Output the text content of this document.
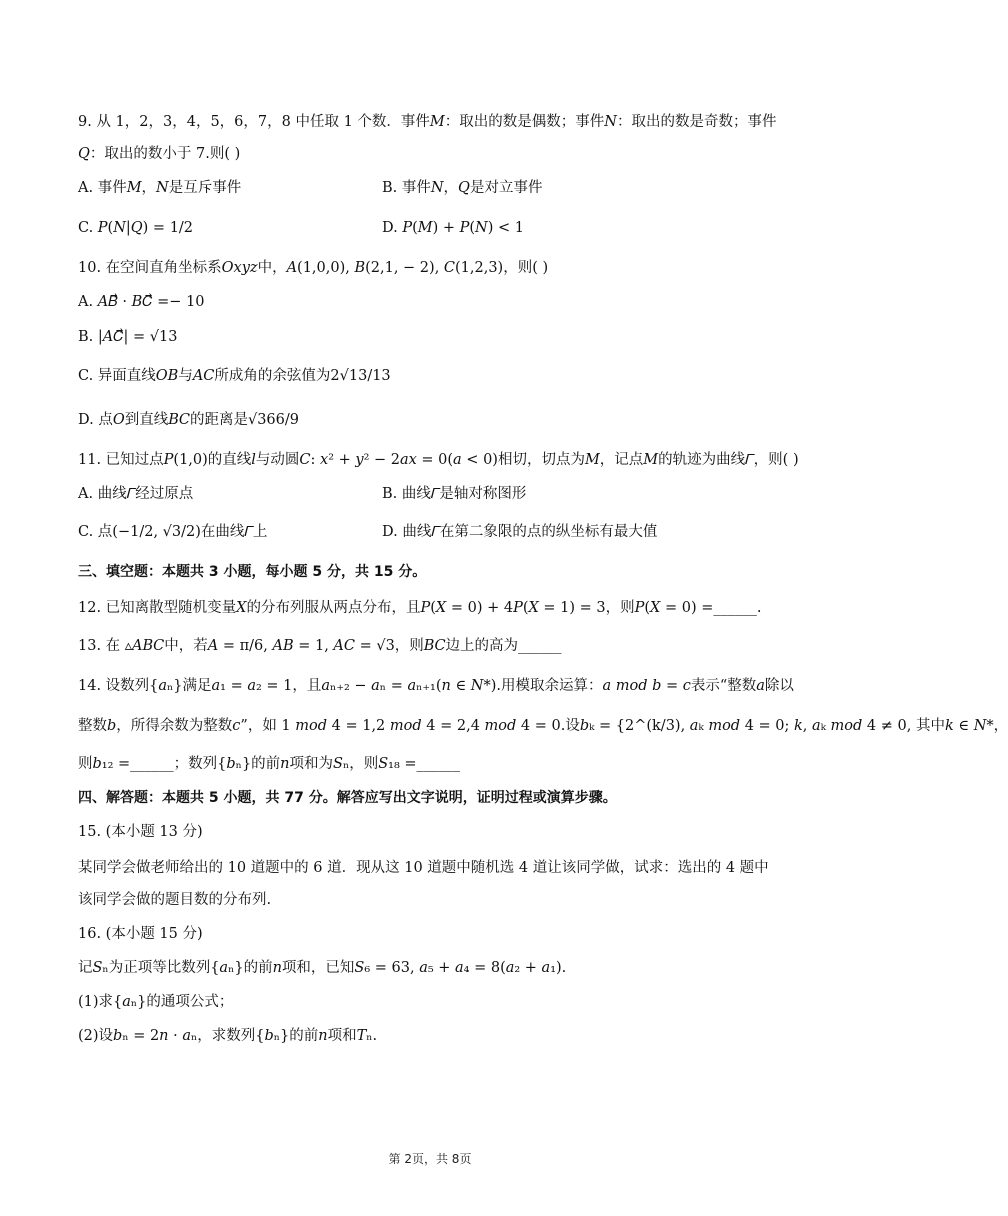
9. 从 1，2，3，4，5，6，7，8 中任取 1 个数．事件𝑀：取出的数是偶数；事件𝑁：取出的数是奇数；事件
𝑄：取出的数小于 7.则( )
A. 事件𝑀，𝑁是互斥事件	B. 事件𝑁，𝑄是对立事件
C. 𝑃(𝑁|𝑄) = 1/2	D. 𝑃(𝑀) + 𝑃(𝑁) < 1
10. 在空间直角坐标系𝑂𝑥𝑦𝑧中，𝐴(1,0,0), 𝐵(2,1, − 2), 𝐶(1,2,3)，则( )
A. 𝐴𝐵⃗ · 𝐵𝐶⃗ =− 10
B. |𝐴𝐶⃗| = √13
C. 异面直线𝑂𝐵与𝐴𝐶所成角的余弦值为2√13/13
D. 点𝑂到直线𝐵𝐶的距离是√366/9
11. 已知过点𝑃(1,0)的直线𝑙与动圆𝐶: 𝑥² + 𝑦² − 2𝑎𝑥 = 0(𝑎 < 0)相切，切点为𝑀，记点𝑀的轨迹为曲线𝛤，则( )
A. 曲线𝛤经过原点	B. 曲线𝛤是轴对称图形
C. 点(−1/2, √3/2)在曲线𝛤上	D. 曲线𝛤在第二象限的点的纵坐标有最大值
三、填空题：本题共 3 小题，每小题 5 分，共 15 分。
12. 已知离散型随机变量𝑋的分布列服从两点分布，且𝑃(𝑋 = 0) + 4𝑃(𝑋 = 1) = 3，则𝑃(𝑋 = 0) =______.
13. 在 ▵𝐴𝐵𝐶中，若𝐴 = π/6, 𝐴𝐵 = 1, 𝐴𝐶 = √3，则𝐵𝐶边上的高为______
14. 设数列{𝑎ₙ}满足𝑎₁ = 𝑎₂ = 1，且𝑎ₙ₊₂ − 𝑎ₙ = 𝑎ₙ₊₁(𝑛 ∈ 𝑁*).用模取余运算：𝑎 𝑚𝑜𝑑 𝑏 = 𝑐表示“整数𝑎除以
整数𝑏，所得余数为整数𝑐”，如 1 𝑚𝑜𝑑 4 = 1,2 𝑚𝑜𝑑 4 = 2,4 𝑚𝑜𝑑 4 = 0.设𝑏ₖ = {2^(k/3), 𝑎ₖ 𝑚𝑜𝑑 4 = 0; 𝑘, 𝑎ₖ 𝑚𝑜𝑑 4 ≠ 0, 其中𝑘 ∈ 𝑁*，
则𝑏₁₂ =______；数列{𝑏ₙ}的前𝑛项和为𝑆ₙ，则𝑆₁₈ =______
四、解答题：本题共 5 小题，共 77 分。解答应写出文字说明，证明过程或演算步骤。
15. (本小题 13 分)
某同学会做老师给出的 10 道题中的 6 道．现从这 10 道题中随机选 4 道让该同学做，试求：选出的 4 题中
该同学会做的题目数的分布列.
16. (本小题 15 分)
记𝑆ₙ为正项等比数列{𝑎ₙ}的前𝑛项和，已知𝑆₆ = 63, 𝑎₅ + 𝑎₄ = 8(𝑎₂ + 𝑎₁).
(1)求{𝑎ₙ}的通项公式；
(2)设𝑏ₙ = 2𝑛 · 𝑎ₙ，求数列{𝑏ₙ}的前𝑛项和𝑇ₙ.
第 2页，共 8页
